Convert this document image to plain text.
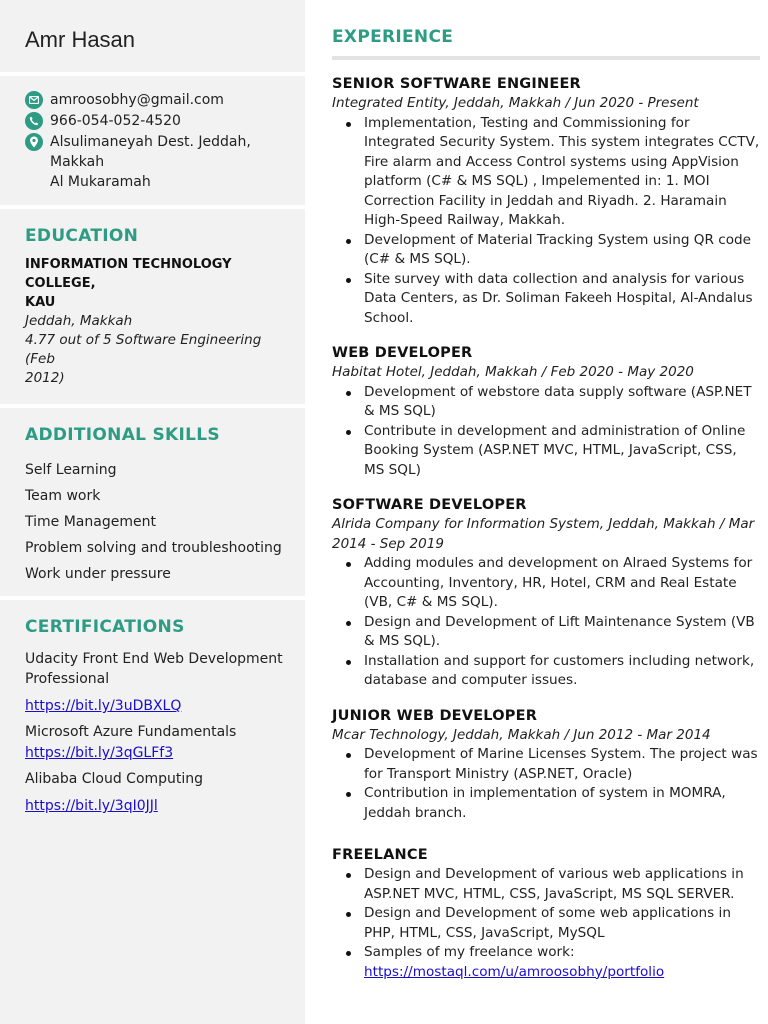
Amr Hasan
amroosobhy@gmail.com
966-054-052-4520
Alsulimaneyah Dest. Jeddah, Makkah
Al Mukaramah
EDUCATION
INFORMATION TECHNOLOGY COLLEGE,
KAU
Jeddah, Makkah
4.77 out of 5 Software Engineering (Feb
2012)
ADDITIONAL SKILLS
Self Learning
Team work
Time Management
Problem solving and troubleshooting
Work under pressure
CERTIFICATIONS
Udacity Front End Web Development
Professional
https://bit.ly/3uDBXLQ
Microsoft Azure Fundamentals
https://bit.ly/3qGLFf3
Alibaba Cloud Computing
https://bit.ly/3qI0JJl
EXPERIENCE
SENIOR SOFTWARE ENGINEER
Integrated Entity, Jeddah, Makkah / Jun 2020 - Present
Implementation, Testing and Commissioning for Integrated Security System. This system integrates CCTV, Fire alarm and Access Control systems using AppVision platform (C# & MS SQL) , Impelemented in: 1. MOI Correction Facility in Jeddah and Riyadh. 2. Haramain High-Speed Railway, Makkah.
Development of Material Tracking System using QR code (C# & MS SQL).
Site survey with data collection and analysis for various Data Centers, as Dr. Soliman Fakeeh Hospital, Al-Andalus School.
WEB DEVELOPER
Habitat Hotel, Jeddah, Makkah / Feb 2020 - May 2020
Development of webstore data supply software (ASP.NET & MS SQL)
Contribute in development and administration of Online Booking System (ASP.NET MVC, HTML, JavaScript, CSS, MS SQL)
SOFTWARE DEVELOPER
Alrida Company for Information System, Jeddah, Makkah / Mar 2014 - Sep 2019
Adding modules and development on Alraed Systems for Accounting, Inventory, HR, Hotel, CRM and Real Estate (VB, C# & MS SQL).
Design and Development of Lift Maintenance System (VB & MS SQL).
Installation and support for customers including network, database and computer issues.
JUNIOR WEB DEVELOPER
Mcar Technology, Jeddah, Makkah / Jun 2012 - Mar 2014
Development of Marine Licenses System. The project was for Transport Ministry (ASP.NET, Oracle)
Contribution in implementation of system in MOMRA, Jeddah branch.
FREELANCE
Design and Development of various web applications in ASP.NET MVC, HTML, CSS, JavaScript, MS SQL SERVER.
Design and Development of some web applications in PHP, HTML, CSS, JavaScript, MySQL
Samples of my freelance work:
https://mostaql.com/u/amroosobhy/portfolio
